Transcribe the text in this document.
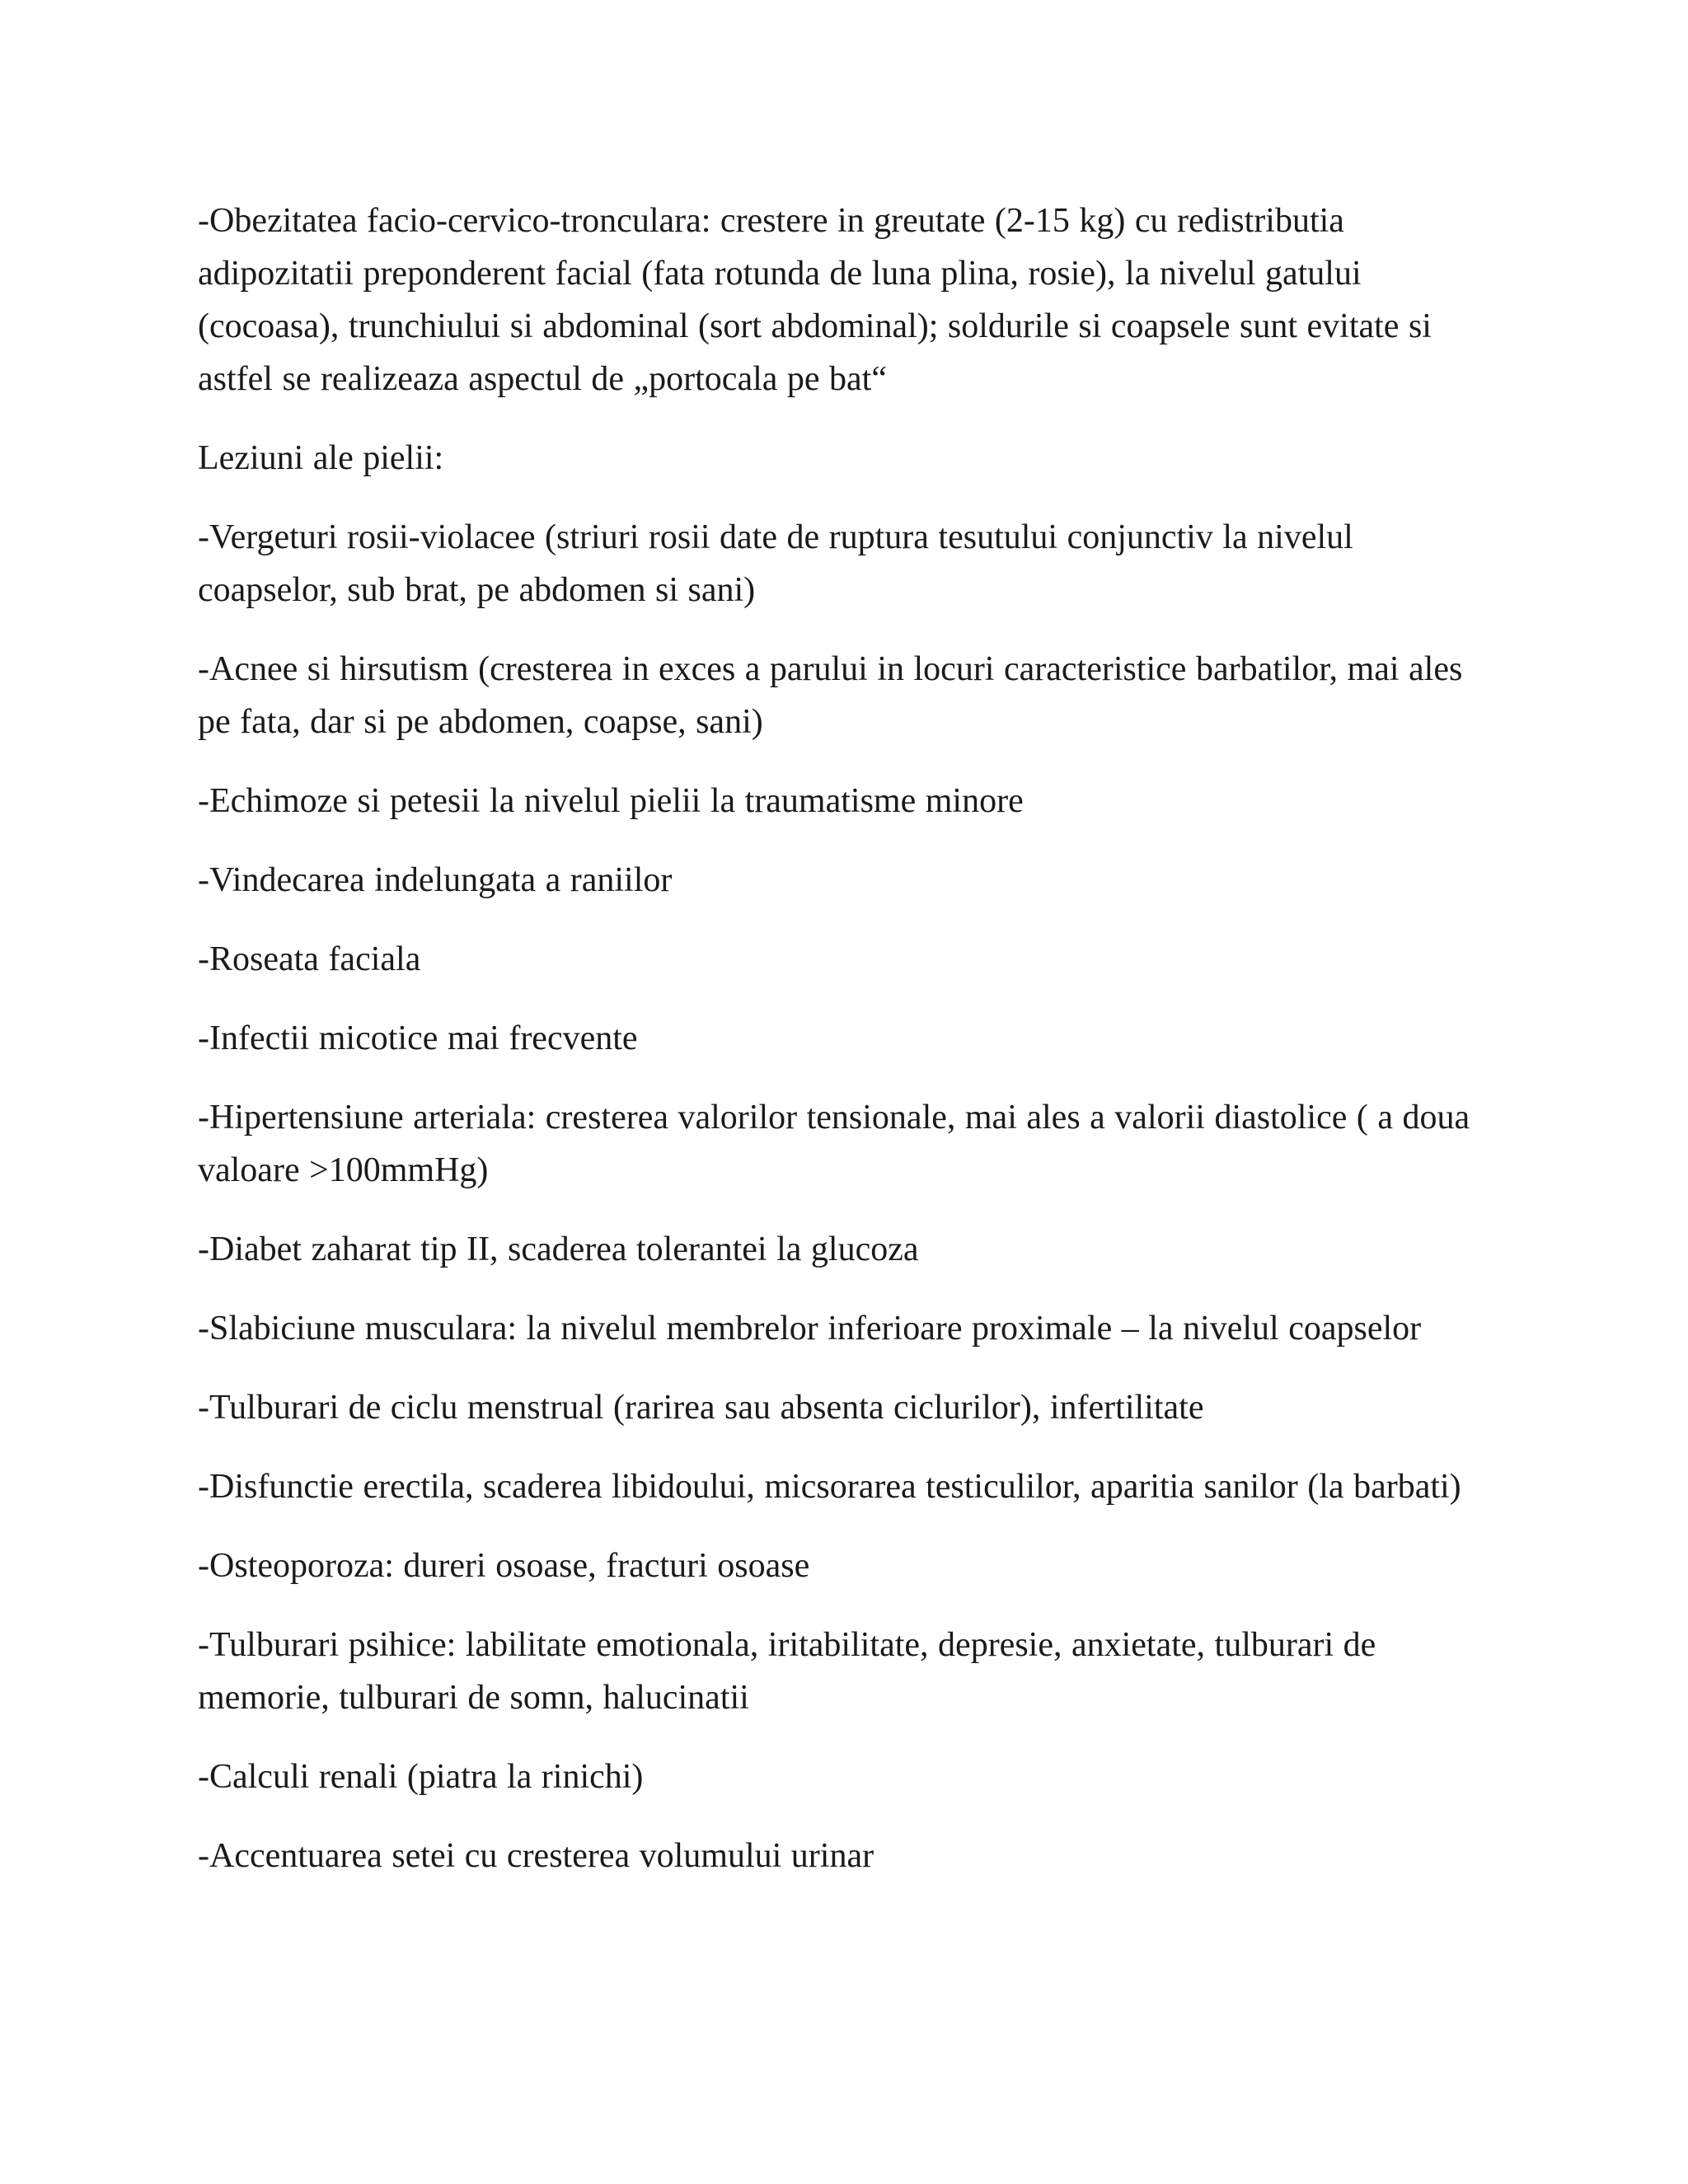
-Obezitatea facio-cervico-tronculara: crestere in greutate (2-15 kg) cu redistributia adipozitatii preponderent facial (fata rotunda de luna plina, rosie), la nivelul gatului (cocoasa), trunchiului si abdominal (sort abdominal); soldurile si coapsele sunt evitate si astfel se realizeaza aspectul de „portocala pe bat“

Leziuni ale pielii:

-Vergeturi rosii-violacee (striuri rosii date de ruptura tesutului conjunctiv la nivelul coapselor, sub brat, pe abdomen si sani)

-Acnee si hirsutism (cresterea in exces a parului in locuri caracteristice barbatilor, mai ales pe fata, dar si pe abdomen, coapse, sani)

-Echimoze si petesii la nivelul pielii la traumatisme minore

-Vindecarea indelungata a raniilor

-Roseata faciala

-Infectii micotice mai frecvente

-Hipertensiune arteriala: cresterea valorilor tensionale, mai ales a valorii diastolice ( a doua valoare >100mmHg)

-Diabet zaharat tip II, scaderea tolerantei la glucoza

-Slabiciune musculara: la nivelul membrelor inferioare proximale – la nivelul coapselor

-Tulburari de ciclu menstrual (rarirea sau absenta ciclurilor), infertilitate

-Disfunctie erectila, scaderea libidoului, micsorarea testiculilor, aparitia sanilor (la barbati)

-Osteoporoza: dureri osoase, fracturi osoase

-Tulburari psihice: labilitate emotionala, iritabilitate, depresie, anxietate, tulburari de memorie, tulburari de somn, halucinatii

-Calculi renali (piatra la rinichi)

-Accentuarea setei cu cresterea volumului urinar
